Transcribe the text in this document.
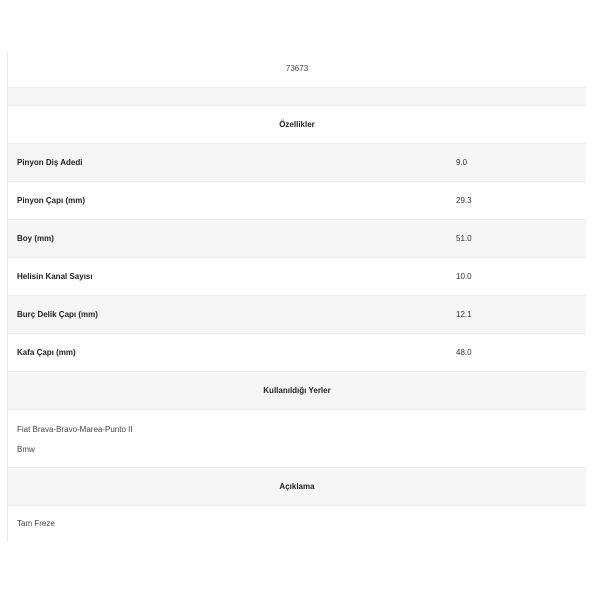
73673
Özellikler
Pinyon Diş Adedi	9.0
Pinyon Çapı (mm)	29.3
Boy (mm)	51.0
Helisin Kanal Sayısı	10.0
Burç Delik Çapı (mm)	12.1
Kafa Çapı (mm)	48.0
Kullanıldığı Yerler
Fiat Brava-Bravo-Marea-Punto II
Bmw
Açıklama
Tam Freze
